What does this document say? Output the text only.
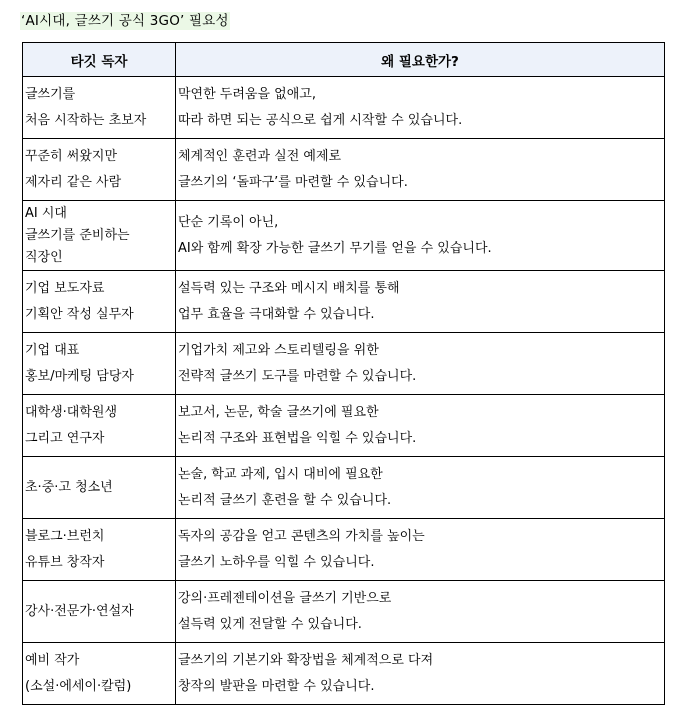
‘AI시대, 글쓰기 공식 3GO’ 필요성
타깃 독자	왜 필요한가?

글쓰기를
처음 시작하는 초보자	막연한 두려움을 없애고,
따라 하면 되는 공식으로 쉽게 시작할 수 있습니다.

꾸준히 써왔지만
제자리 같은 사람	체계적인 훈련과 실전 예제로
글쓰기의 ‘돌파구’를 마련할 수 있습니다.

AI 시대
글쓰기를 준비하는
직장인	단순 기록이 아닌,
AI와 함께 확장 가능한 글쓰기 무기를 얻을 수 있습니다.

기업 보도자료
기획안 작성 실무자	설득력 있는 구조와 메시지 배치를 통해
업무 효율을 극대화할 수 있습니다.

기업 대표
홍보/마케팅 담당자	기업가치 제고와 스토리텔링을 위한
전략적 글쓰기 도구를 마련할 수 있습니다.

대학생·대학원생
그리고 연구자	보고서, 논문, 학술 글쓰기에 필요한
논리적 구조와 표현법을 익힐 수 있습니다.

초·중·고 청소년	논술, 학교 과제, 입시 대비에 필요한
논리적 글쓰기 훈련을 할 수 있습니다.

블로그·브런치
유튜브 창작자	독자의 공감을 얻고 콘텐츠의 가치를 높이는
글쓰기 노하우를 익힐 수 있습니다.

강사·전문가·연설자	강의·프레젠테이션을 글쓰기 기반으로
설득력 있게 전달할 수 있습니다.

예비 작가
(소설·에세이·칼럼)	글쓰기의 기본기와 확장법을 체계적으로 다져
창작의 발판을 마련할 수 있습니다.
